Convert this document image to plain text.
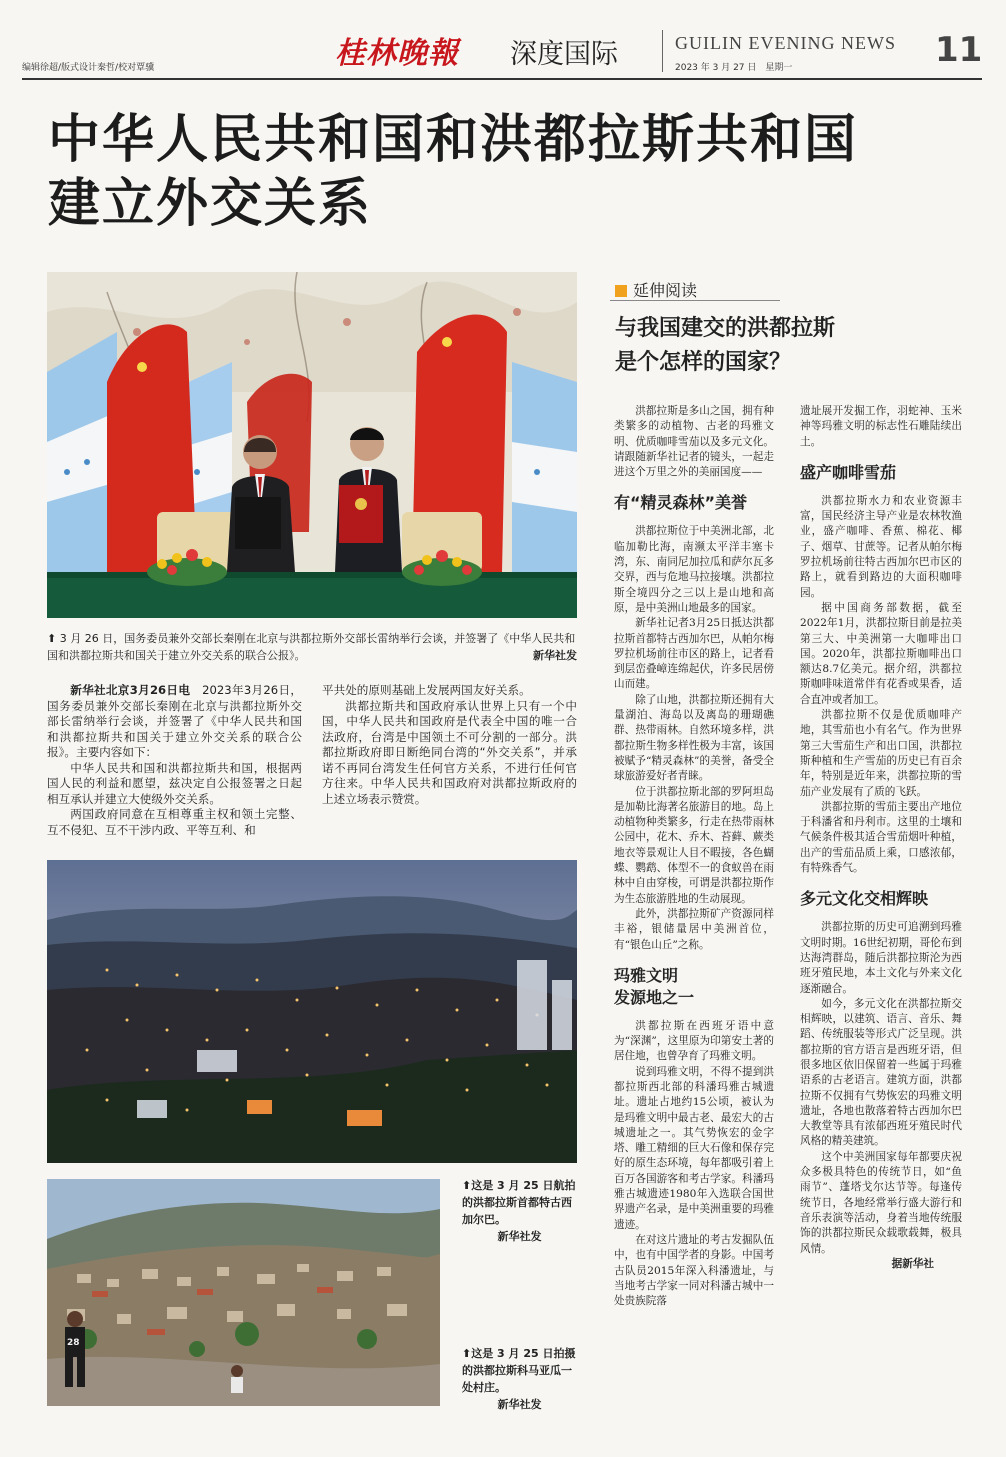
编辑徐超/版式设计秦哲/校对覃骥	桂林晚報 深度国际	GUILIN EVENING NEWS
2023 年 3 月 27 日　星期一	11
中华人民共和国和洪都拉斯共和国
建立外交关系
⬆ 3 月 26 日，国务委员兼外交部长秦刚在北京与洪都拉斯外交部长雷纳举行会谈，并签署了《中华人民共和国和洪都拉斯共和国关于建立外交关系的联合公报》。	新华社发

新华社北京3月26日电　 2023年3月26日，国务委员兼外交部长秦刚在北京与洪都拉斯外交部长雷纳举行会谈，并签署了《中华人民共和国和洪都拉斯共和国关于建立外交关系的联合公报》。主要内容如下：

中华人民共和国和洪都拉斯共和国，根据两国人民的利益和愿望，兹决定自公报签署之日起相互承认并建立大使级外交关系。

两国政府同意在互相尊重主权和领土完整、互不侵犯、互不干涉内政、平等互利、和

平共处的原则基础上发展两国友好关系。

洪都拉斯共和国政府承认世界上只有一个中国，中华人民共和国政府是代表全中国的唯一合法政府，台湾是中国领土不可分割的一部分。洪都拉斯政府即日断绝同台湾的“外交关系”，并承诺不再同台湾发生任何官方关系，不进行任何官方往来。中华人民共和国政府对洪都拉斯政府的上述立场表示赞赏。

⬆这是 3 月 25 日航拍的洪都拉斯首都特古西加尔巴。
新华社发
28
⬆这是 3 月 25 日拍摄的洪都拉斯科马亚瓜一处村庄。
新华社发
延伸阅读
与我国建交的洪都拉斯
是个怎样的国家？

洪都拉斯是多山之国，拥有种类繁多的动植物、古老的玛雅文明、优质咖啡雪茄以及多元文化。请跟随新华社记者的镜头，一起走进这个万里之外的美丽国度——

有“精灵森林”美誉

洪都拉斯位于中美洲北部，北临加勒比海，南濒太平洋丰塞卡湾，东、南同尼加拉瓜和萨尔瓦多交界，西与危地马拉接壤。洪都拉斯全境四分之三以上是山地和高原，是中美洲山地最多的国家。

新华社记者3月25日抵达洪都拉斯首都特古西加尔巴，从帕尔梅罗拉机场前往市区的路上，记者看到层峦叠嶂连绵起伏，许多民居傍山而建。

除了山地，洪都拉斯还拥有大量湖泊、海岛以及离岛的珊瑚礁群、热带雨林。自然环境多样，洪都拉斯生物多样性极为丰富，该国被赋予“精灵森林”的美誉，备受全球旅游爱好者青睐。

位于洪都拉斯北部的罗阿坦岛是加勒比海著名旅游目的地。岛上动植物种类繁多，行走在热带雨林公园中，花木、乔木、苔藓、蕨类地衣等景观让人目不暇接，各色蝴蝶、鹦鹉、体型不一的食蚁兽在雨林中自由穿梭，可谓是洪都拉斯作为生态旅游胜地的生动展现。

此外，洪都拉斯矿产资源同样丰裕，银储量居中美洲首位，有“银色山丘”之称。

玛雅文明
发源地之一

洪都拉斯在西班牙语中意为“深渊”，这里原为印第安土著的居住地，也曾孕育了玛雅文明。

说到玛雅文明，不得不提到洪都拉斯西北部的科潘玛雅古城遗址。遗址占地约15公顷，被认为是玛雅文明中最古老、最宏大的古城遗址之一。其气势恢宏的金字塔、雕工精细的巨大石像和保存完好的原生态环境，每年都吸引着上百万各国游客和考古学家。科潘玛雅古城遗迹1980年入选联合国世界遗产名录，是中美洲重要的玛雅遗迹。

在对这片遗址的考古发掘队伍中，也有中国学者的身影。中国考古队员2015年深入科潘遗址，与当地考古学家一同对科潘古城中一处贵族院落

遗址展开发掘工作，羽蛇神、玉米神等玛雅文明的标志性石雕陆续出土。

盛产咖啡雪茄

洪都拉斯水力和农业资源丰富，国民经济主导产业是农林牧渔业，盛产咖啡、香蕉、棉花、椰子、烟草、甘蔗等。记者从帕尔梅罗拉机场前往特古西加尔巴市区的路上，就看到路边的大面积咖啡园。

据中国商务部数据，截至2022年1月，洪都拉斯目前是拉美第三大、中美洲第一大咖啡出口国。2020年，洪都拉斯咖啡出口额达8.7亿美元。据介绍，洪都拉斯咖啡味道常伴有花香或果香，适合直冲或者加工。

洪都拉斯不仅是优质咖啡产地，其雪茄也小有名气。作为世界第三大雪茄生产和出口国，洪都拉斯种植和生产雪茄的历史已有百余年，特别是近年来，洪都拉斯的雪茄产业发展有了质的飞跃。

洪都拉斯的雪茄主要出产地位于科潘省和丹利市。这里的土壤和气候条件极其适合雪茄烟叶种植，出产的雪茄品质上乘，口感浓郁，有特殊香气。

多元文化交相辉映

洪都拉斯的历史可追溯到玛雅文明时期。16世纪初期，哥伦布到达海湾群岛，随后洪都拉斯沦为西班牙殖民地，本土文化与外来文化逐渐融合。

如今，多元文化在洪都拉斯交相辉映，以建筑、语言、音乐、舞蹈、传统服装等形式广泛呈现。洪都拉斯的官方语言是西班牙语，但很多地区依旧保留着一些属于玛雅语系的古老语言。建筑方面，洪都拉斯不仅拥有气势恢宏的玛雅文明遗址，各地也散落着特古西加尔巴大教堂等具有浓郁西班牙殖民时代风格的精美建筑。

这个中美洲国家每年都要庆祝众多极具特色的传统节日，如“鱼雨节”、蓬塔戈尔达节等。每逢传统节日，各地经常举行盛大游行和音乐表演等活动，身着当地传统服饰的洪都拉斯民众载歌载舞，极具风情。

据新华社
